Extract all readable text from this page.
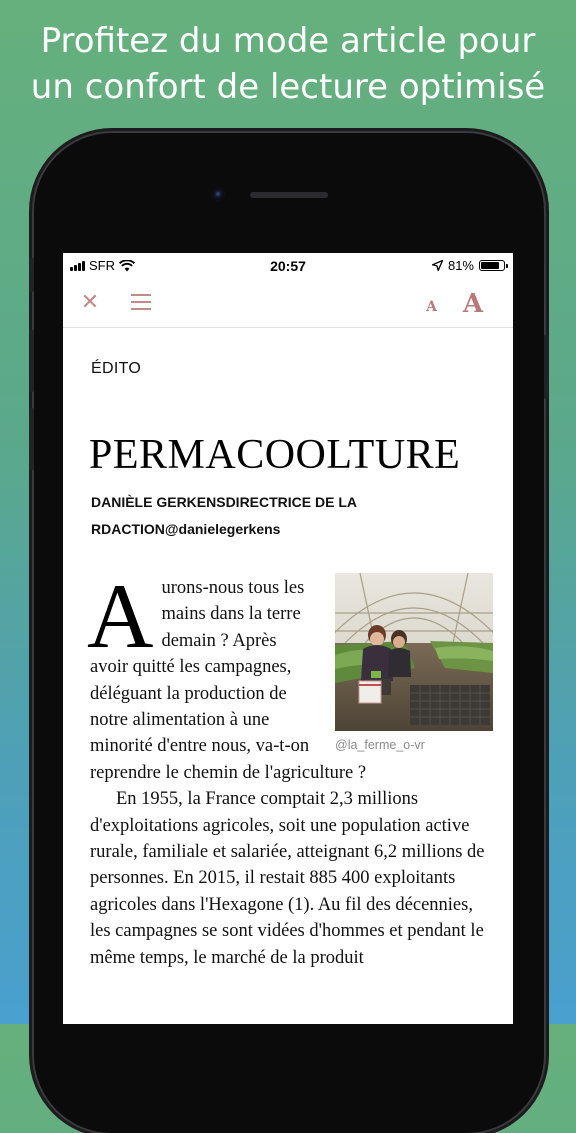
Profitez du mode article pour
un confort de lecture optimisé
SFR	20:57	81%
✕	A A
ÉDITO
PERMACOOLTURE
DANIÈLE GERKENSDIRECTRICE DE LA
RDACTION@danielegerkens
@la_ferme_o-vr

Aurons-nous tous les mains dans la terre demain ? Après avoir quitté les campagnes, déléguant la production de notre alimentation à une minorité d'entre nous, va-t-on reprendre le chemin de l'agriculture ?

En 1955, la France comptait 2,3 millions d'exploitations agricoles, soit une population active rurale, familiale et salariée, atteignant 6,2 millions de personnes. En 2015, il restait 885 400 exploitants agricoles dans l'Hexagone (1). Au fil des décennies, les campagnes se sont vidées d'hommes et pendant le même temps, le marché de la produit
